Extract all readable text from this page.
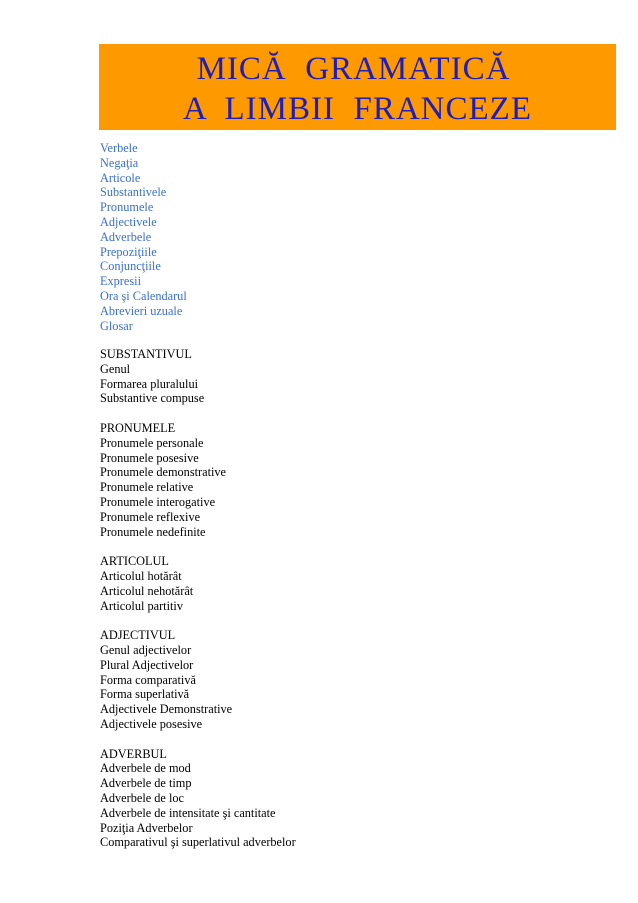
MICĂ  GRAMATICĂ
A  LIMBII  FRANCEZE
Verbele
Negaţia
Articole
Substantivele
Pronumele
Adjectivele
Adverbele
Prepoziţiile
Conjuncţiile
Expresii
Ora şi Calendarul
Abrevieri uzuale
Glosar
SUBSTANTIVUL
Genul
Formarea pluralului
Substantive compuse
PRONUMELE
Pronumele personale
Pronumele posesive
Pronumele demonstrative
Pronumele relative
Pronumele interogative
Pronumele reflexive
Pronumele nedefinite
ARTICOLUL
Articolul hotărât
Articolul nehotărât
Articolul partitiv
ADJECTIVUL
Genul adjectivelor
Plural Adjectivelor
Forma comparativă
Forma superlativă
Adjectivele Demonstrative
Adjectivele posesive
ADVERBUL
Adverbele de mod
Adverbele de timp
Adverbele de loc
Adverbele de intensitate şi cantitate
Poziţia Adverbelor
Comparativul şi superlativul adverbelor
